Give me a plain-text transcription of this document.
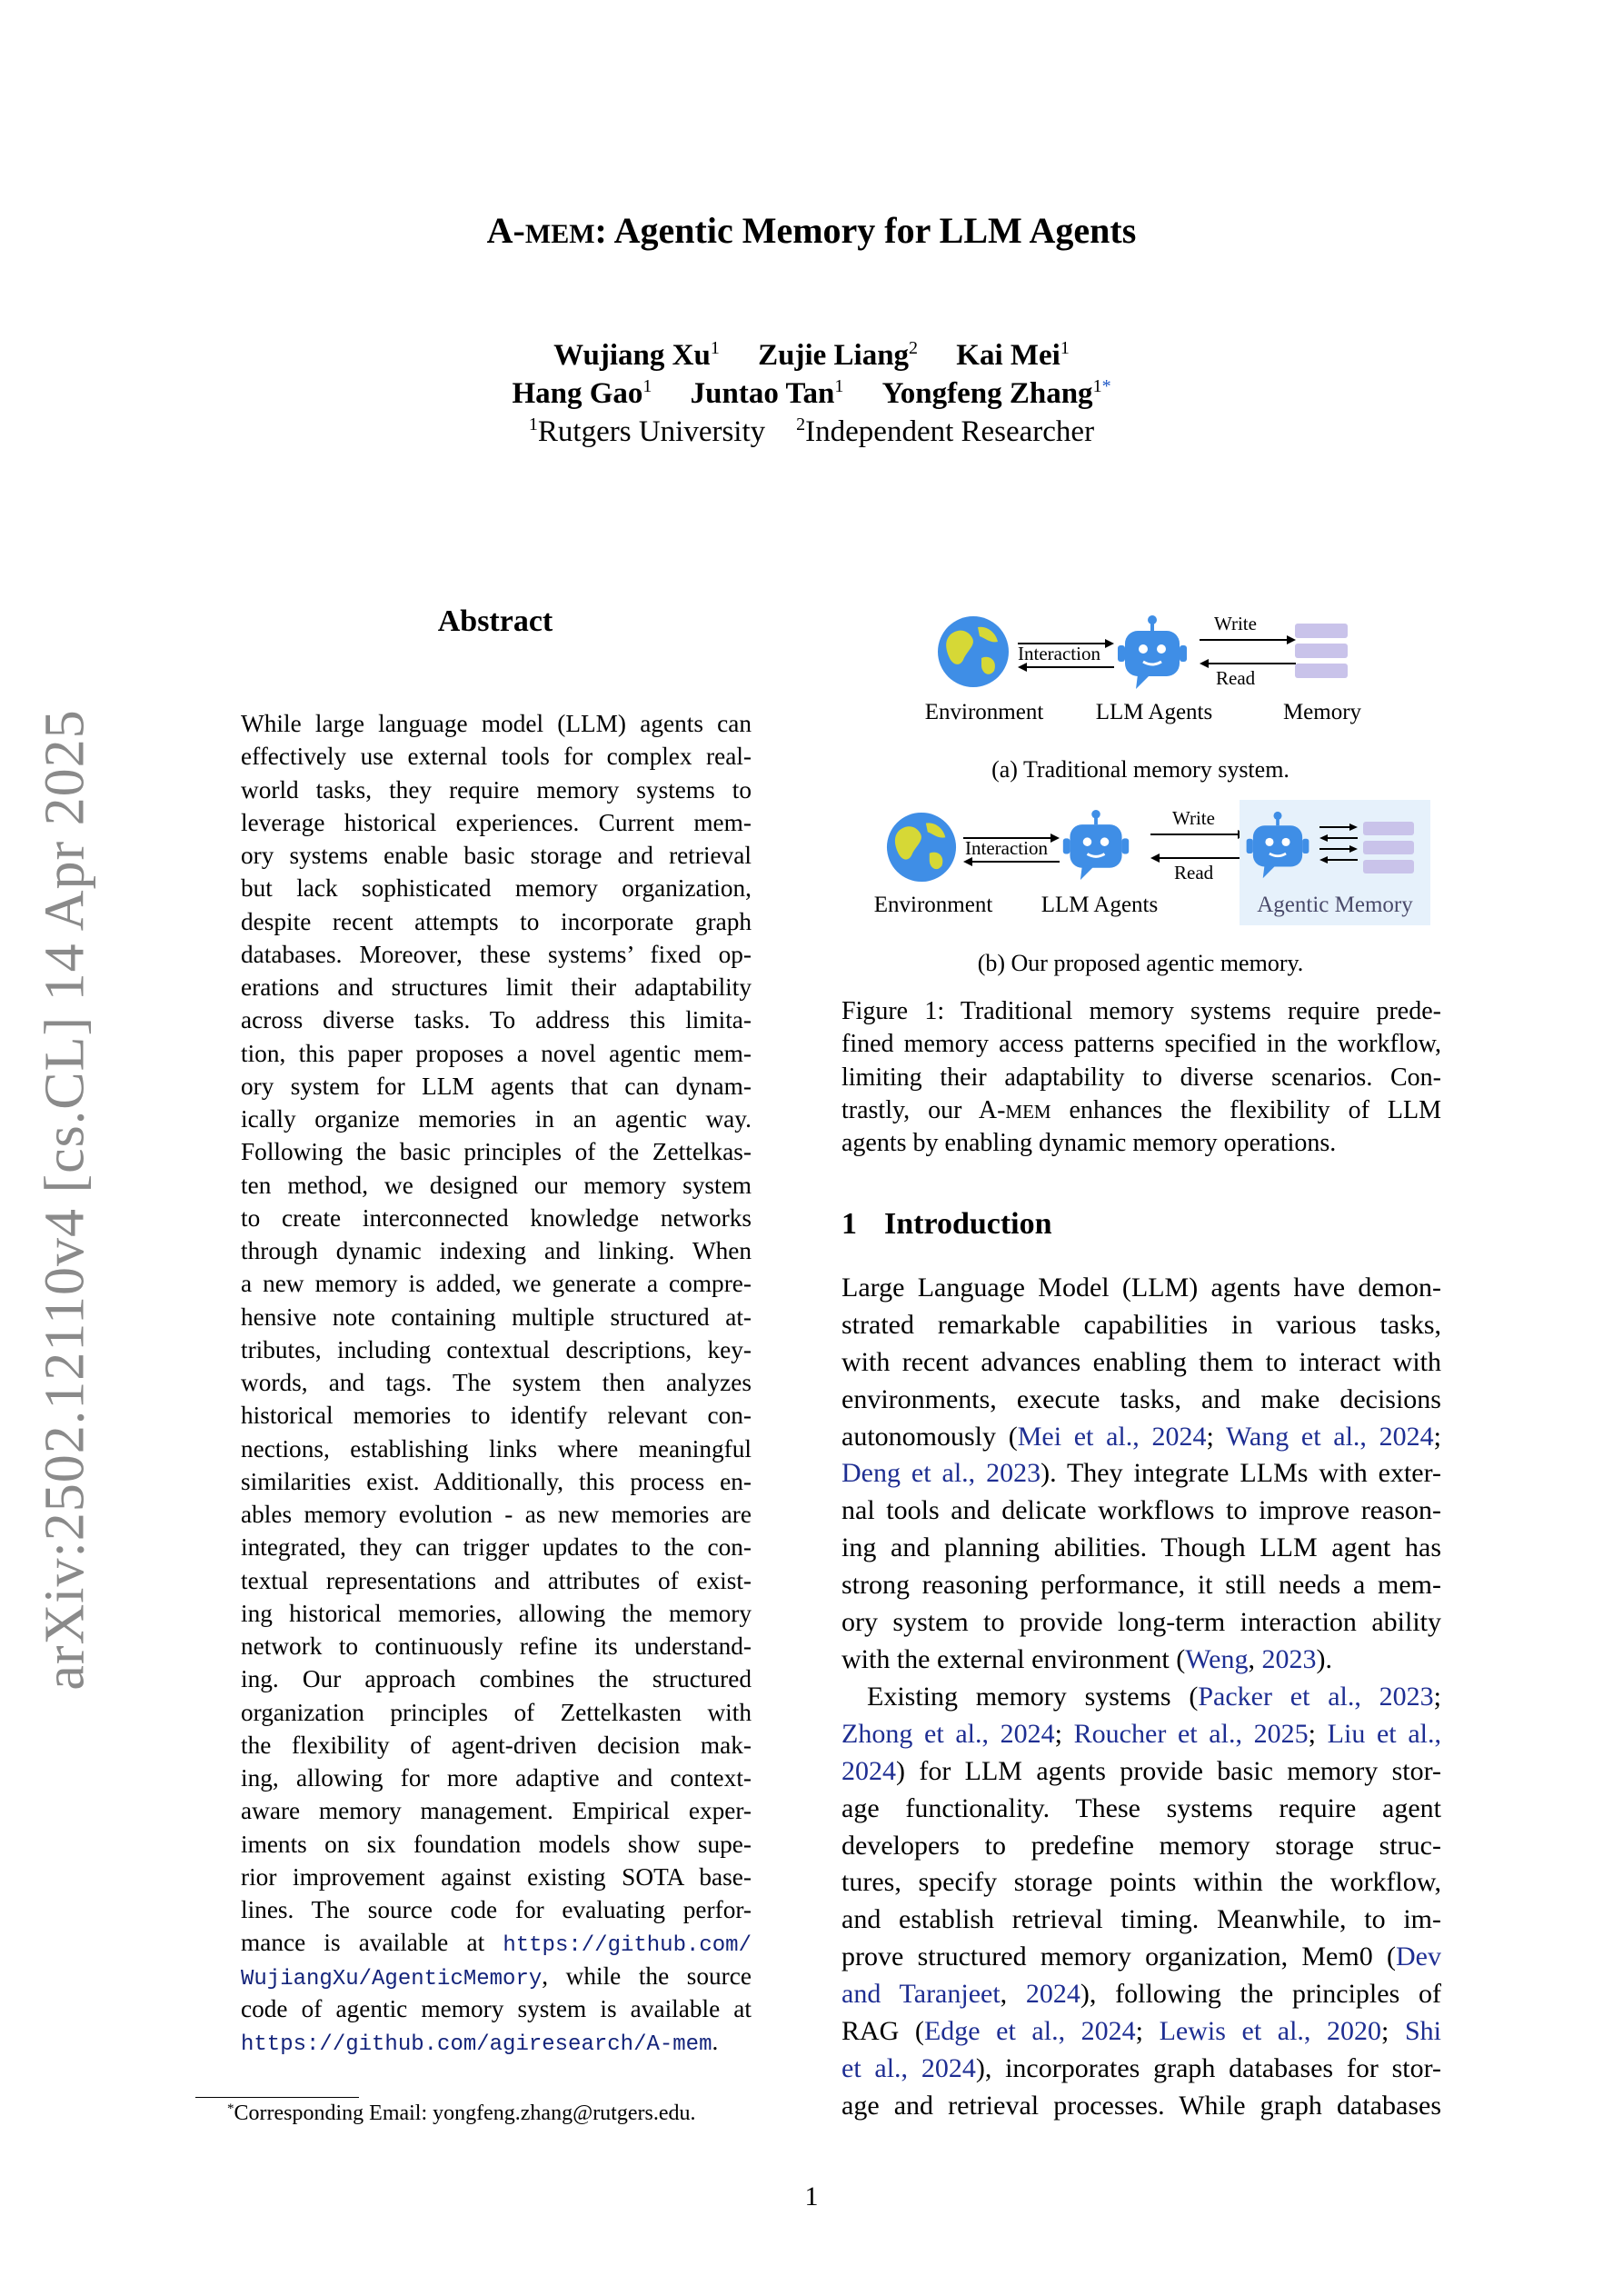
arXiv:2502.12110v4 [cs.CL] 14 Apr 2025
A-MEM: Agentic Memory for LLM Agents
Wujiang Xu$^1$ Zujie Liang$^2$ Kai Mei$^1$
Hang Gao$^1$ Juntao Tan$^1$ Yongfeng Zhang$^{1*}$
$^1$Rutgers University $^2$Independent Researcher
Abstract
While large language model (LLM) agents can
effectively use external tools for complex real-
world tasks, they require memory systems to
leverage historical experiences. Current mem-
ory systems enable basic storage and retrieval
but lack sophisticated memory organization,
despite recent attempts to incorporate graph
databases. Moreover, these systems’ fixed op-
erations and structures limit their adaptability
across diverse tasks. To address this limita-
tion, this paper proposes a novel agentic mem-
ory system for LLM agents that can dynam-
ically organize memories in an agentic way.
Following the basic principles of the Zettelkas-
ten method, we designed our memory system
to create interconnected knowledge networks
through dynamic indexing and linking. When
a new memory is added, we generate a compre-
hensive note containing multiple structured at-
tributes, including contextual descriptions, key-
words, and tags. The system then analyzes
historical memories to identify relevant con-
nections, establishing links where meaningful
similarities exist. Additionally, this process en-
ables memory evolution - as new memories are
integrated, they can trigger updates to the con-
textual representations and attributes of exist-
ing historical memories, allowing the memory
network to continuously refine its understand-
ing. Our approach combines the structured
organization principles of Zettelkasten with
the flexibility of agent-driven decision mak-
ing, allowing for more adaptive and context-
aware memory management. Empirical exper-
iments on six foundation models show supe-
rior improvement against existing SOTA base-
lines. The source code for evaluating perfor-
mance is available at https://github.com/
WujiangXu/AgenticMemory, while the source
code of agentic memory system is available at
https://github.com/agiresearch/A-mem.
*Corresponding Email: yongfeng.zhang@rutgers.edu.
Environment
Interaction
LLM Agents
Write
Read
Memory
(a) Traditional memory system.
Environment
Interaction
LLM Agents
Write
Read
Agentic Memory
(b) Our proposed agentic memory.
Figure 1: Traditional memory systems require prede-
fined memory access patterns specified in the workflow,
limiting their adaptability to diverse scenarios. Con-
trastly, our A-MEM enhances the flexibility of LLM
agents by enabling dynamic memory operations.
1 Introduction
Large Language Model (LLM) agents have demon-
strated remarkable capabilities in various tasks,
with recent advances enabling them to interact with
environments, execute tasks, and make decisions
autonomously (Mei et al., 2024; Wang et al., 2024;
Deng et al., 2023). They integrate LLMs with exter-
nal tools and delicate workflows to improve reason-
ing and planning abilities. Though LLM agent has
strong reasoning performance, it still needs a mem-
ory system to provide long-term interaction ability
with the external environment (Weng, 2023).
Existing memory systems (Packer et al., 2023;
Zhong et al., 2024; Roucher et al., 2025; Liu et al.,
2024) for LLM agents provide basic memory stor-
age functionality. These systems require agent
developers to predefine memory storage struc-
tures, specify storage points within the workflow,
and establish retrieval timing. Meanwhile, to im-
prove structured memory organization, Mem0 (Dev
and Taranjeet, 2024), following the principles of
RAG (Edge et al., 2024; Lewis et al., 2020; Shi
et al., 2024), incorporates graph databases for stor-
age and retrieval processes. While graph databases
1
